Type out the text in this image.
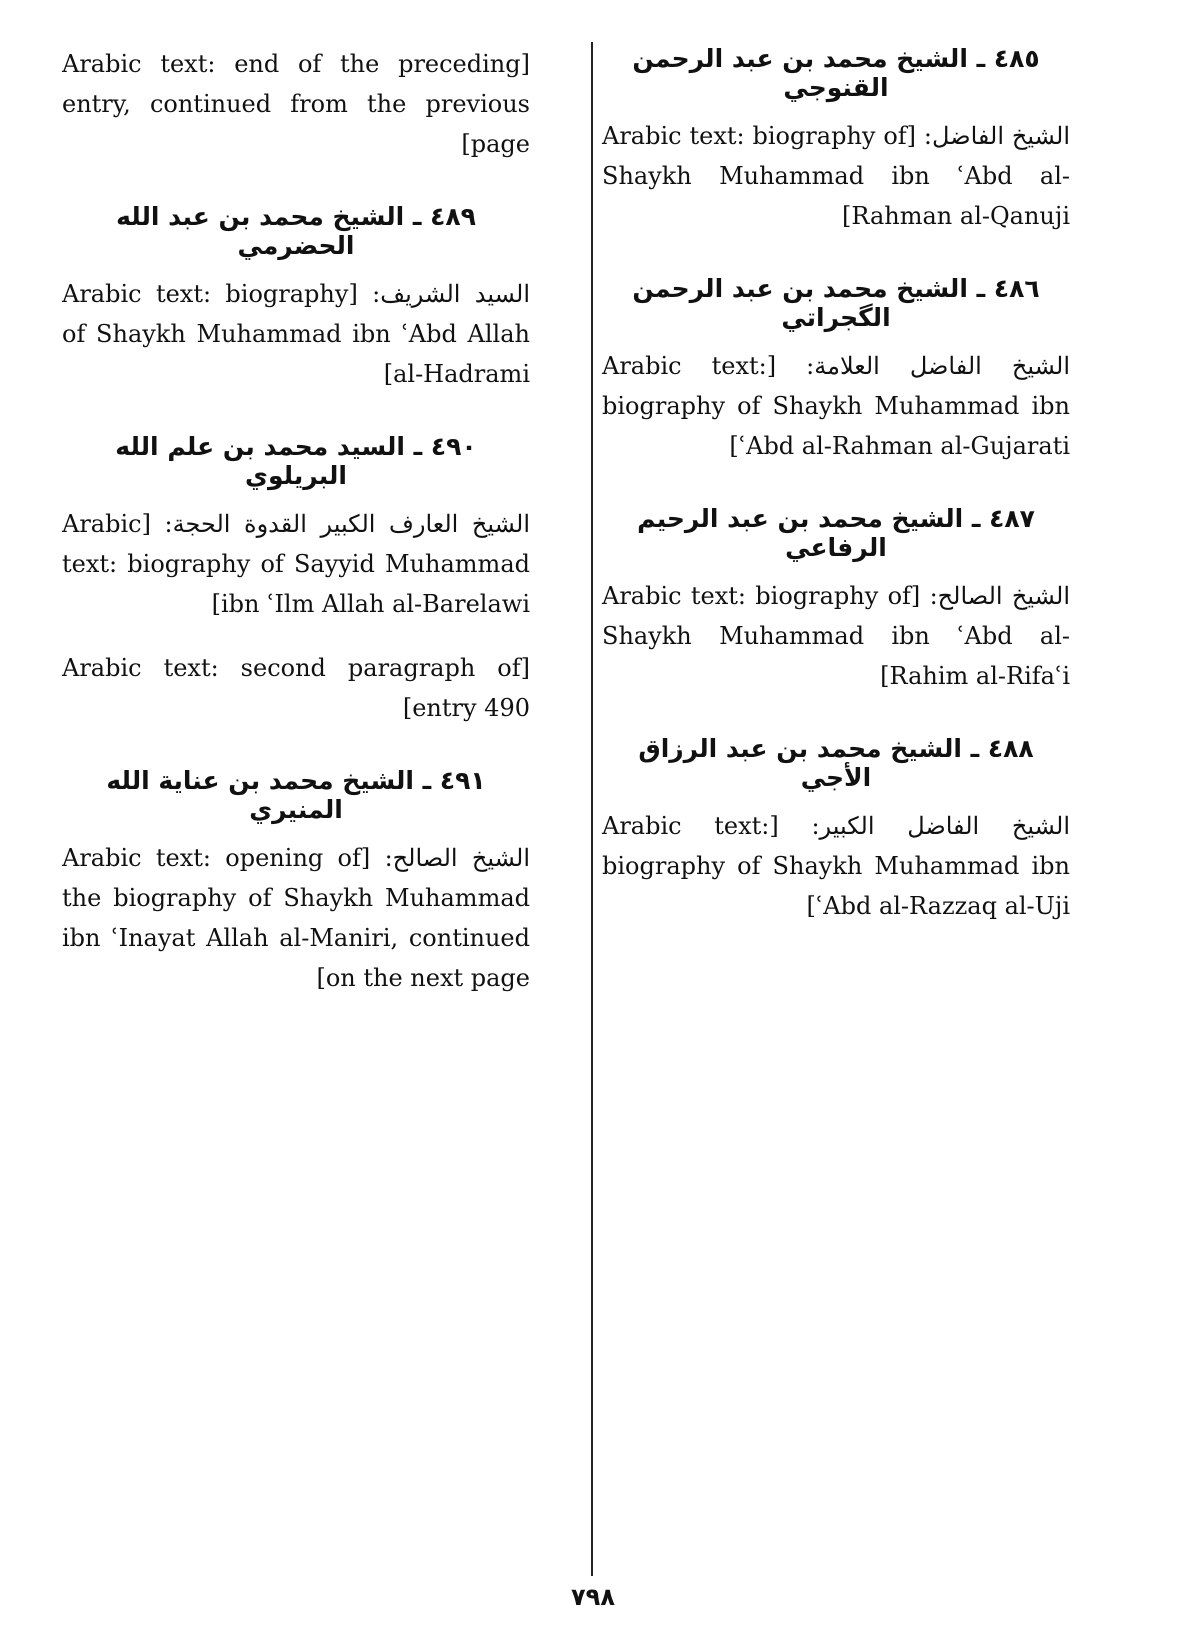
٤٨٥ ـ الشيخ محمد بن عبد الرحمن القنوجي

الشيخ الفاضل: [Arabic text: biography of Shaykh Muhammad ibn ʿAbd al-Rahman al-Qanuji]

٤٨٦ ـ الشيخ محمد بن عبد الرحمن الگجراتي

الشيخ الفاضل العلامة: [Arabic text: biography of Shaykh Muhammad ibn ʿAbd al-Rahman al-Gujarati]

٤٨٧ ـ الشيخ محمد بن عبد الرحيم الرفاعي

الشيخ الصالح: [Arabic text: biography of Shaykh Muhammad ibn ʿAbd al-Rahim al-Rifaʿi]

٤٨٨ ـ الشيخ محمد بن عبد الرزاق الأجي

الشيخ الفاضل الكبير: [Arabic text: biography of Shaykh Muhammad ibn ʿAbd al-Razzaq al-Uji]

[Arabic text: end of the preceding entry, continued from the previous page]

٤٨٩ ـ الشيخ محمد بن عبد الله الحضرمي

السيد الشريف: [Arabic text: biography of Shaykh Muhammad ibn ʿAbd Allah al-Hadrami]

٤٩٠ ـ السيد محمد بن علم الله البريلوي

الشيخ العارف الكبير القدوة الحجة: [Arabic text: biography of Sayyid Muhammad ibn ʿIlm Allah al-Barelawi]

[Arabic text: second paragraph of entry 490]

٤٩١ ـ الشيخ محمد بن عناية الله المنيري

الشيخ الصالح: [Arabic text: opening of the biography of Shaykh Muhammad ibn ʿInayat Allah al-Maniri, continued on the next page]

٧٩٨
